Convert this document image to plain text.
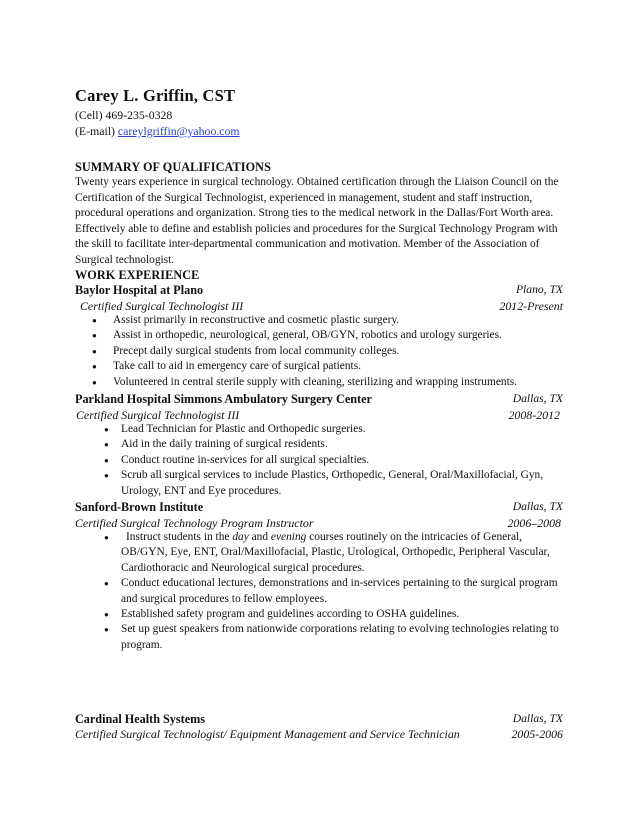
Carey L. Griffin, CST
(Cell) 469-235-0328
(E-mail) careylgriffin@yahoo.com
SUMMARY OF QUALIFICATIONS
Twenty years experience in surgical technology. Obtained certification through the Liaison Council on the Certification of the Surgical Technologist, experienced in management, student and staff instruction, procedural operations and organization. Strong ties to the medical network in the Dallas/Fort Worth area. Effectively able to define and establish policies and procedures for the Surgical Technology Program with the skill to facilitate inter-departmental communication and motivation. Member of the Association of Surgical technologist.
WORK EXPERIENCE
Baylor Hospital at Plano	Plano, TX
Certified Surgical Technologist III	2012-Present
● Assist primarily in reconstructive and cosmetic plastic surgery.
● Assist in orthopedic, neurological, general, OB/GYN, robotics and urology surgeries.
● Precept daily surgical students from local community colleges.
● Take call to aid in emergency care of surgical patients.
● Volunteered in central sterile supply with cleaning, sterilizing and wrapping instruments.
Parkland Hospital Simmons Ambulatory Surgery Center	Dallas, TX
Certified Surgical Technologist III	2008-2012
● Lead Technician for Plastic and Orthopedic surgeries.
● Aid in the daily training of surgical residents.
● Conduct routine in-services for all surgical specialties.
● Scrub all surgical services to include Plastics, Orthopedic, General, Oral/Maxillofacial, Gyn,
Urology, ENT and Eye procedures.
Sanford-Brown Institute	Dallas, TX
Certified Surgical Technology Program Instructor	2006–2008
● Instruct students in the day and evening courses routinely on the intricacies of General,
OB/GYN, Eye, ENT, Oral/Maxillofacial, Plastic, Urological, Orthopedic, Peripheral Vascular,
Cardiothoracic and Neurological surgical procedures.
● Conduct educational lectures, demonstrations and in-services pertaining to the surgical program
and surgical procedures to fellow employees.
● Established safety program and guidelines according to OSHA guidelines.
● Set up guest speakers from nationwide corporations relating to evolving technologies relating to
program.
Cardinal Health Systems	Dallas, TX
Certified Surgical Technologist/ Equipment Management and Service Technician	2005-2006
